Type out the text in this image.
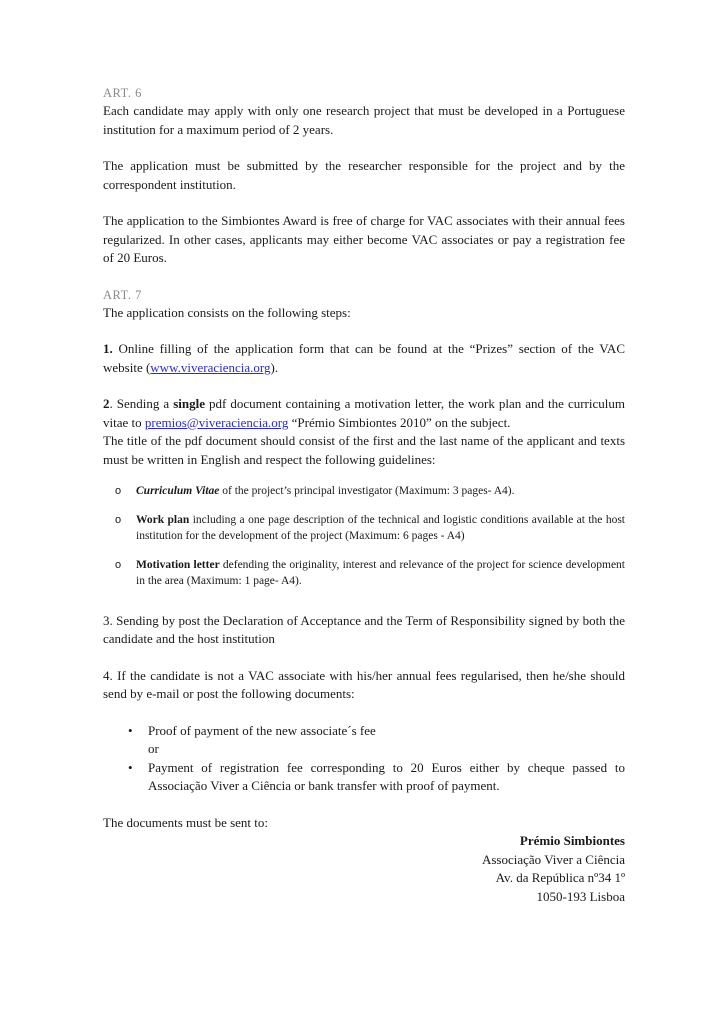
ART. 6

Each candidate may apply with only one research project that must be developed in a Portuguese institution for a maximum period of 2 years.

The application must be submitted by the researcher responsible for the project and by the correspondent institution.

The application to the Simbiontes Award is free of charge for VAC associates with their annual fees regularized. In other cases, applicants may either become VAC associates or pay a registration fee of 20 Euros.

ART. 7

The application consists on the following steps:

1. Online filling of the application form that can be found at the “Prizes” section of the VAC website (www.viveraciencia.org).

2. Sending a single pdf document containing a motivation letter, the work plan and the curriculum vitae to premios@viveraciencia.org “Prémio Simbiontes 2010” on the subject.

The title of the pdf document should consist of the first and the last name of the applicant and texts must be written in English and respect the following guidelines:

o Curriculum Vitae of the project’s principal investigator (Maximum: 3 pages- A4).
o Work plan including a one page description of the technical and logistic conditions available at the host institution for the development of the project (Maximum: 6 pages - A4)
o Motivation letter defending the originality, interest and relevance of the project for science development in the area (Maximum: 1 page- A4).

3. Sending by post the Declaration of Acceptance and the Term of Responsibility signed by both the candidate and the host institution

4. If the candidate is not a VAC associate with his/her annual fees regularised, then he/she should send by e-mail or post the following documents:

• Proof of payment of the new associate´s fee
or
• Payment of registration fee corresponding to 20 Euros either by cheque passed to Associação Viver a Ciência or bank transfer with proof of payment.

The documents must be sent to:

Prémio Simbiontes
Associação Viver a Ciência
Av. da República nº34 1º
1050-193 Lisboa
